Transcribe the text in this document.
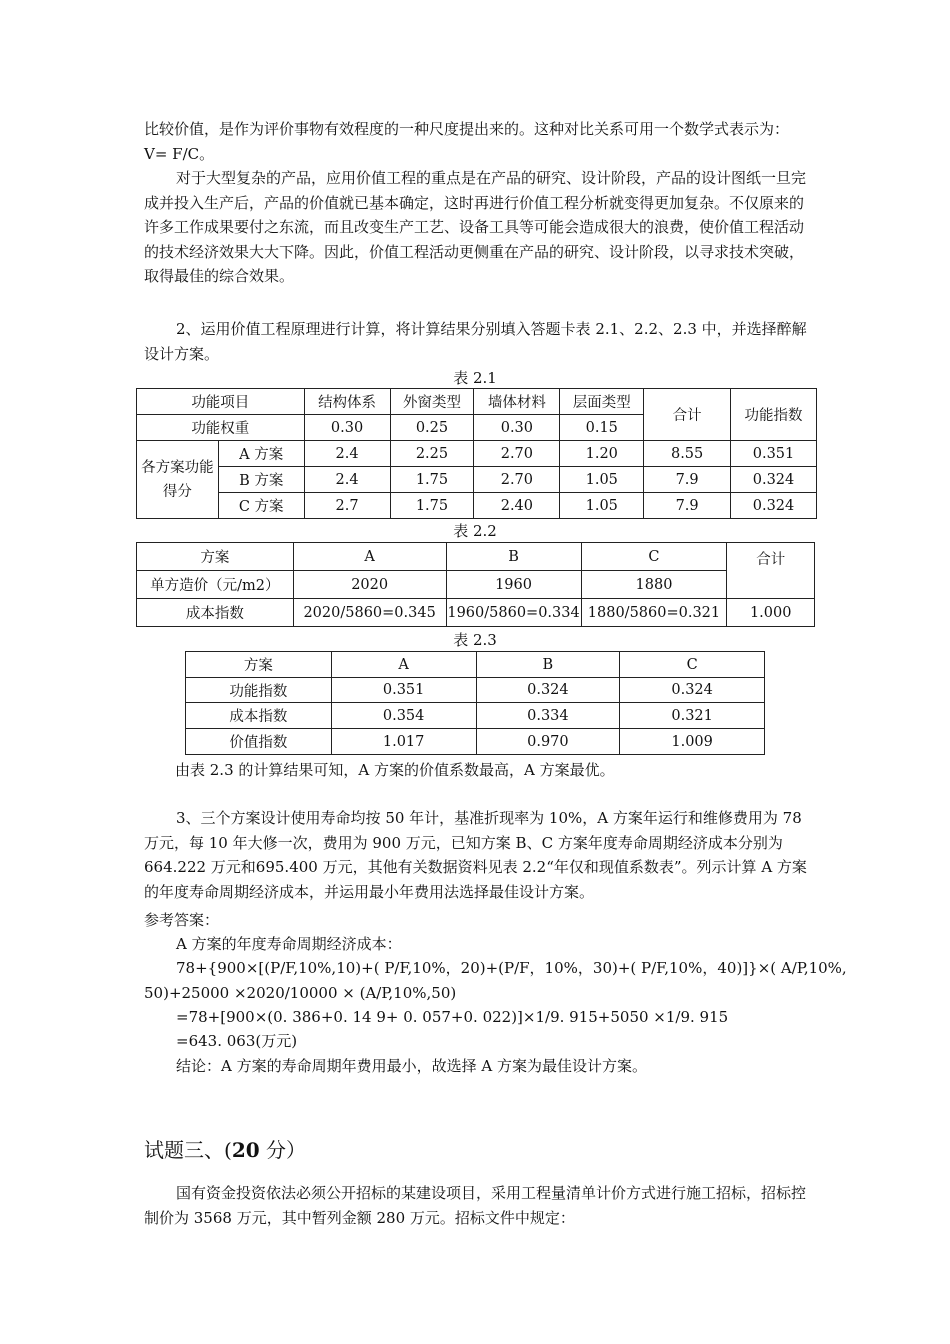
比较价值，是作为评价事物有效程度的一种尺度提出来的。这种对比关系可用一个数学式表示为：V= F/C。

对于大型复杂的产品，应用价值工程的重点是在产品的研究、设计阶段，产品的设计图纸一旦完成并投入生产后，产品的价值就已基本确定，这时再进行价值工程分析就变得更加复杂。不仅原来的许多工作成果要付之东流，而且改变生产工艺、设备工具等可能会造成很大的浪费，使价值工程活动的技术经济效果大大下降。因此，价值工程活动更侧重在产品的研究、设计阶段，以寻求技术突破，取得最佳的综合效果。

2、运用价值工程原理进行计算，将计算结果分别填入答题卡表 2.1、2.2、2.3 中，并选择醉解设计方案。

表 2.1
功能项目		结构体系	外窗类型	墙体材料	层面类型	合计	功能指数
功能权重		0.30	0.25	0.30	0.15		
各方案功能得分	A 方案	2.4	2.25	2.70	1.20	8.55	0.351
	B 方案	2.4	1.75	2.70	1.05	7.9	0.324
	C 方案	2.7	1.75	2.40	1.05	7.9	0.324
表 2.2
方案	A	B	C	合计
单方造价（元/m2）	2020	1960	1880	
成本指数	2020/5860=0.345	1960/5860=0.334	1880/5860=0.321	1.000
表 2.3
方案	A	B	C
功能指数	0.351	0.324	0.324
成本指数	0.354	0.334	0.321
价值指数	1.017	0.970	1.009
由表 2.3 的计算结果可知，A 方案的价值系数最高，A 方案最优。

3、三个方案设计使用寿命均按 50 年计，基准折现率为 10%，A 方案年运行和维修费用为 78 万元，每 10 年大修一次，费用为 900 万元，已知方案 B、C 方案年度寿命周期经济成本分别为664.222 万元和695.400 万元，其他有关数据资料见表 2.2“年仅和现值系数表”。列示计算 A 方案的年度寿命周期经济成本，并运用最小年费用法选择最佳设计方案。

参考答案：
A 方案的年度寿命周期经济成本：
78+{900×[(P/F,10%,10)+( P/F,10%，20)+(P/F，10%，30)+( P/F,10%，40)]}×( A/P,10%,
50)+25000 ×2020/10000 × (A/P,10%,50)
=78+[900×(0. 386+0. 14 9+ 0. 057+0. 022)]×1/9. 915+5050 ×1/9. 915
=643. 063(万元)
结论：A 方案的寿命周期年费用最小，故选择 A 方案为最佳设计方案。
试题三、(20 分）

国有资金投资依法必须公开招标的某建设项目，采用工程量清单计价方式进行施工招标，招标控制价为 3568 万元，其中暂列金额 280 万元。招标文件中规定：
